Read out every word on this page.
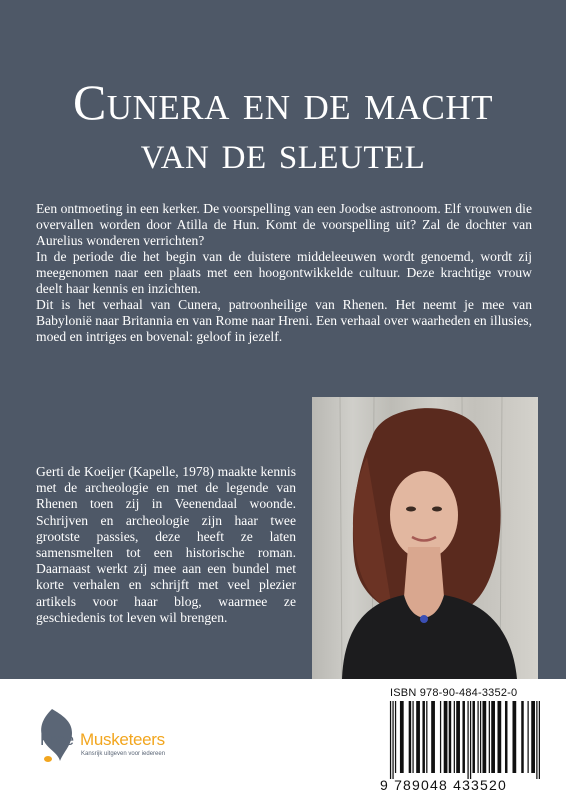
Cunera en de macht
van de sleutel

Een ontmoeting in een kerker. De voorspelling van een Joodse astronoom. Elf vrouwen die overvallen worden door Atilla de Hun. Komt de voorspelling uit? Zal de dochter van Aurelius wonderen verrichten?

In de periode die het begin van de duistere middeleeuwen wordt genoemd, wordt zij meegenomen naar een plaats met een hoogontwikkelde cultuur. Deze krachtige vrouw deelt haar kennis en inzichten.

Dit is het verhaal van Cunera, patroonheilige van Rhenen. Het neemt je mee van Babylonië naar Britannia en van Rome naar Hreni. Een verhaal over waarheden en illusies, moed en intriges en bovenal: geloof in jezelf.

Gerti de Koeijer (Kapelle, 1978) maakte kennis met de archeologie en met de legende van Rhenen toen zij in Veenendaal woonde. Schrijven en archeologie zijn haar twee grootste passies, deze heeft ze laten samensmelten tot een historische roman. Daarnaast werkt zij mee aan een bundel met korte verhalen en schrijft met veel plezier artikels voor haar blog, waarmee ze geschiedenis tot leven wil brengen.

Free Musketeers
Kansrijk uitgeven voor iedereen
ISBN 978-90-484-3352-0
9 789048 433520
